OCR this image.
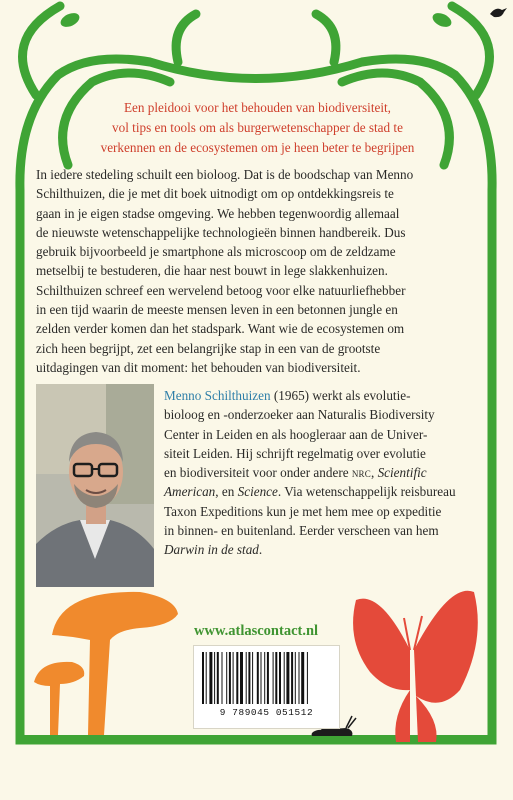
Een pleidooi voor het behouden van biodiversiteit,
vol tips en tools om als burgerwetenschapper de stad te
verkennen en de ecosystemen om je heen beter te begrijpen
In iedere stedeling schuilt een bioloog. Dat is de boodschap van Menno
Schilthuizen, die je met dit boek uitnodigt om op ontdekkingsreis te
gaan in je eigen stadse omgeving. We hebben tegenwoordig allemaal
de nieuwste wetenschappelijke technologieën binnen handbereik. Dus
gebruik bijvoorbeeld je smartphone als microscoop om de zeldzame
metselbij te bestuderen, die haar nest bouwt in lege slakkenhuizen.
Schilthuizen schreef een wervelend betoog voor elke natuurliefhebber
in een tijd waarin de meeste mensen leven in een betonnen jungle en
zelden verder komen dan het stadspark. Want wie de ecosystemen om
zich heen begrijpt, zet een belangrijke stap in een van de grootste
uitdagingen van dit moment: het behouden van biodiversiteit.
Menno Schilthuizen (1965) werkt als evolutie-
bioloog en -onderzoeker aan Naturalis Biodiversity
Center in Leiden en als hoogleraar aan de Univer-
siteit Leiden. Hij schrijft regelmatig over evolutie
en biodiversiteit voor onder andere nrc, Scientific
American, en Science. Via wetenschappelijk reisbureau
Taxon Expeditions kun je met hem mee op expeditie
in binnen- en buitenland. Eerder verscheen van hem
Darwin in de stad.
www.atlascontact.nl
9 789045 051512
